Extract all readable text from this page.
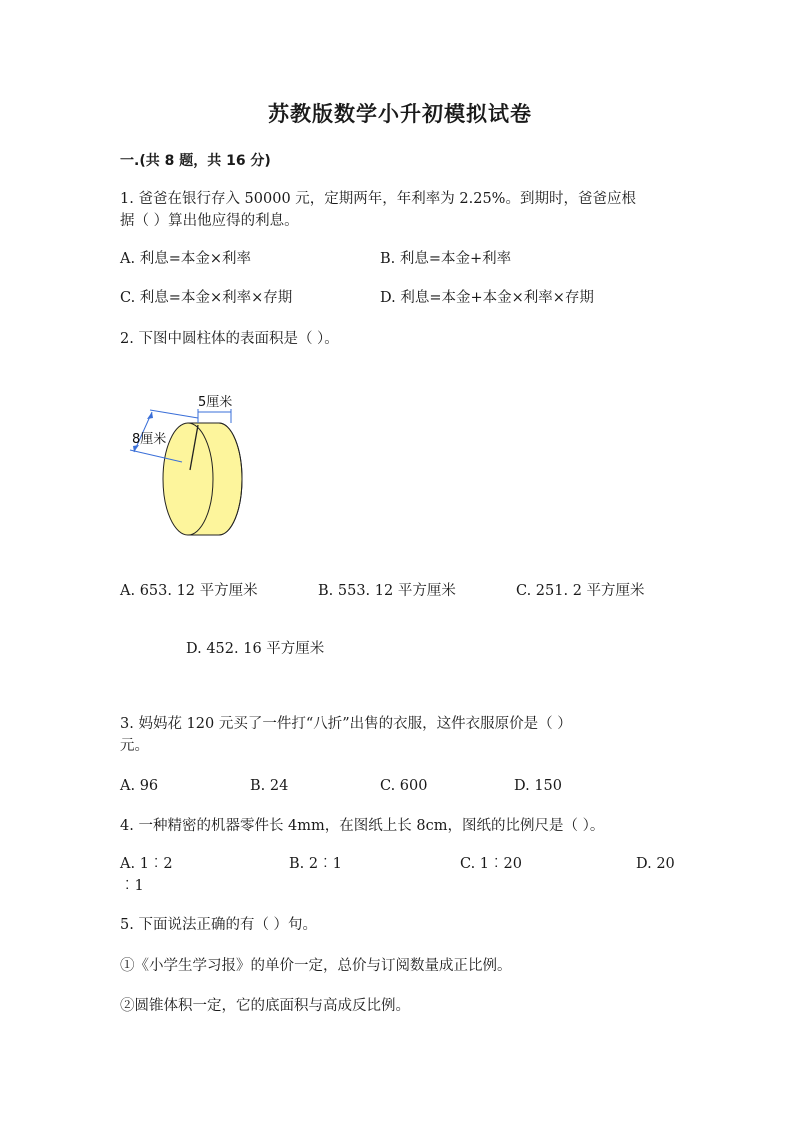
苏教版数学小升初模拟试卷
一.(共 8 题，共 16 分)
1. 爸爸在银行存入 50000 元，定期两年，年利率为 2.25%。到期时，爸爸应根
据（ ）算出他应得的利息。
A. 利息=本金×利率	B. 利息=本金+利率
C. 利息=本金×利率×存期	D. 利息=本金+本金×利率×存期
2. 下图中圆柱体的表面积是（ ）。
5厘米
8厘米
A. 653. 12 平方厘米	B. 553. 12 平方厘米	C. 251. 2 平方厘米
D. 452. 16 平方厘米
3. 妈妈花 120 元买了一件打“八折”出售的衣服，这件衣服原价是（ ）
元。
A. 96	B. 24	C. 600	D. 150
4. 一种精密的机器零件长 4mm，在图纸上长 8cm，图纸的比例尺是（ ）。
A. 1︰2	B. 2︰1	C. 1︰20	D. 20
︰1
5. 下面说法正确的有（ ）句。
①《小学生学习报》的单价一定，总价与订阅数量成正比例。
②圆锥体积一定，它的底面积与高成反比例。
